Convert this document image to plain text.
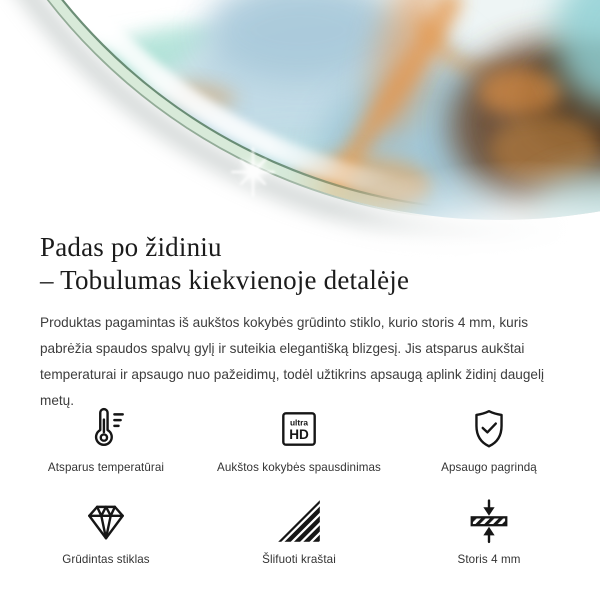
Padas po židiniu
– Tobulumas kiekvienoje detalėje

Produktas pagamintas iš aukštos kokybės grūdinto stiklo, kurio storis 4 mm, kuris pabrėžia spaudos spalvų gylį ir suteikia elegantišką blizgesį. Jis atsparus aukštai temperaturai ir apsaugo nuo pažeidimų, todėl užtikrins apsaugą aplink židinį daugelį metų.

Atsparus temperatūrai
ultra
HD
Aukštos kokybės spausdinimas	Apsaugo pagrindą
Grūdintas stiklas	Šlifuoti kraštai	Storis 4 mm
